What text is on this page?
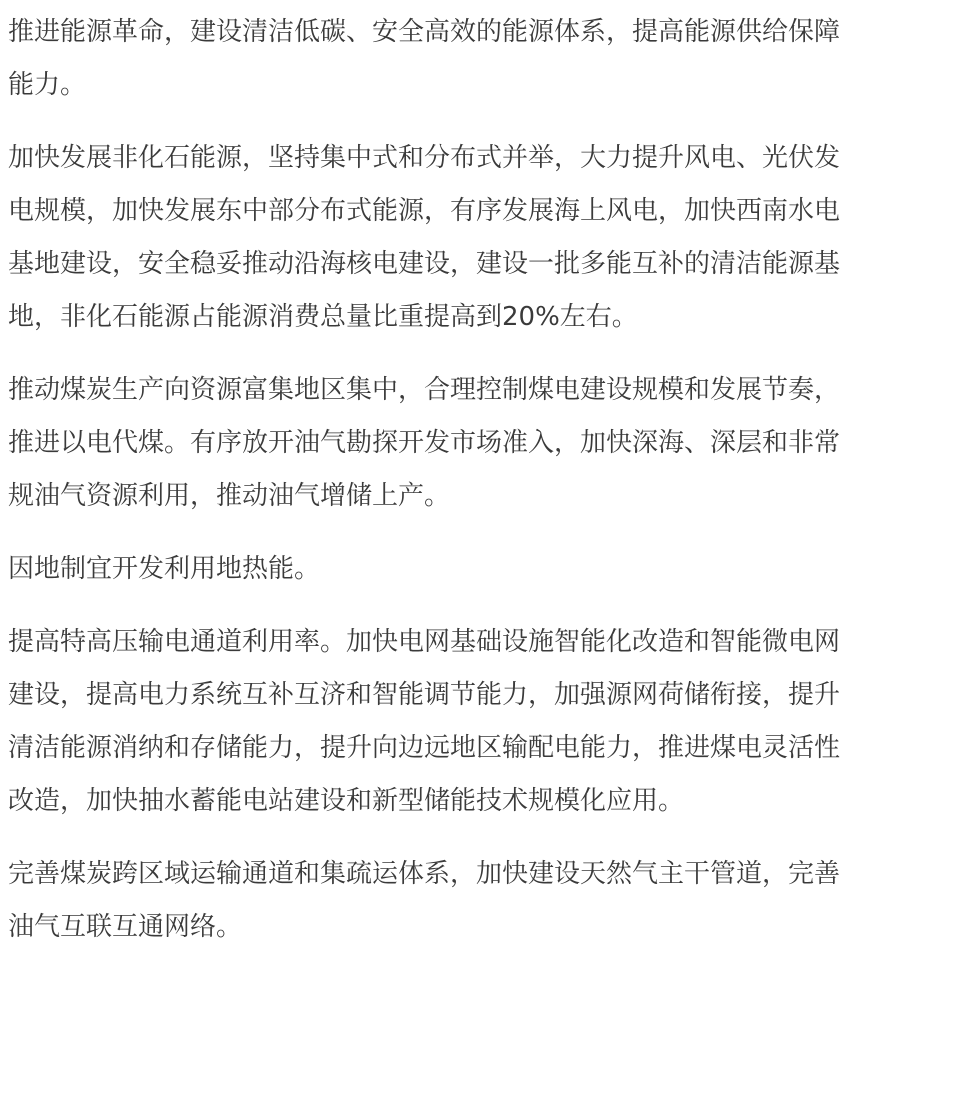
推进能源革命，建设清洁低碳、安全高效的能源体系，提高能源供给保障
能力。

加快发展非化石能源，坚持集中式和分布式并举，大力提升风电、光伏发
电规模，加快发展东中部分布式能源，有序发展海上风电，加快西南水电
基地建设，安全稳妥推动沿海核电建设，建设一批多能互补的清洁能源基
地，非化石能源占能源消费总量比重提高到20%左右。

推动煤炭生产向资源富集地区集中，合理控制煤电建设规模和发展节奏，
推进以电代煤。有序放开油气勘探开发市场准入，加快深海、深层和非常
规油气资源利用，推动油气增储上产。

因地制宜开发利用地热能。

提高特高压输电通道利用率。加快电网基础设施智能化改造和智能微电网
建设，提高电力系统互补互济和智能调节能力，加强源网荷储衔接，提升
清洁能源消纳和存储能力，提升向边远地区输配电能力，推进煤电灵活性
改造，加快抽水蓄能电站建设和新型储能技术规模化应用。

完善煤炭跨区域运输通道和集疏运体系，加快建设天然气主干管道，完善
油气互联互通网络。
